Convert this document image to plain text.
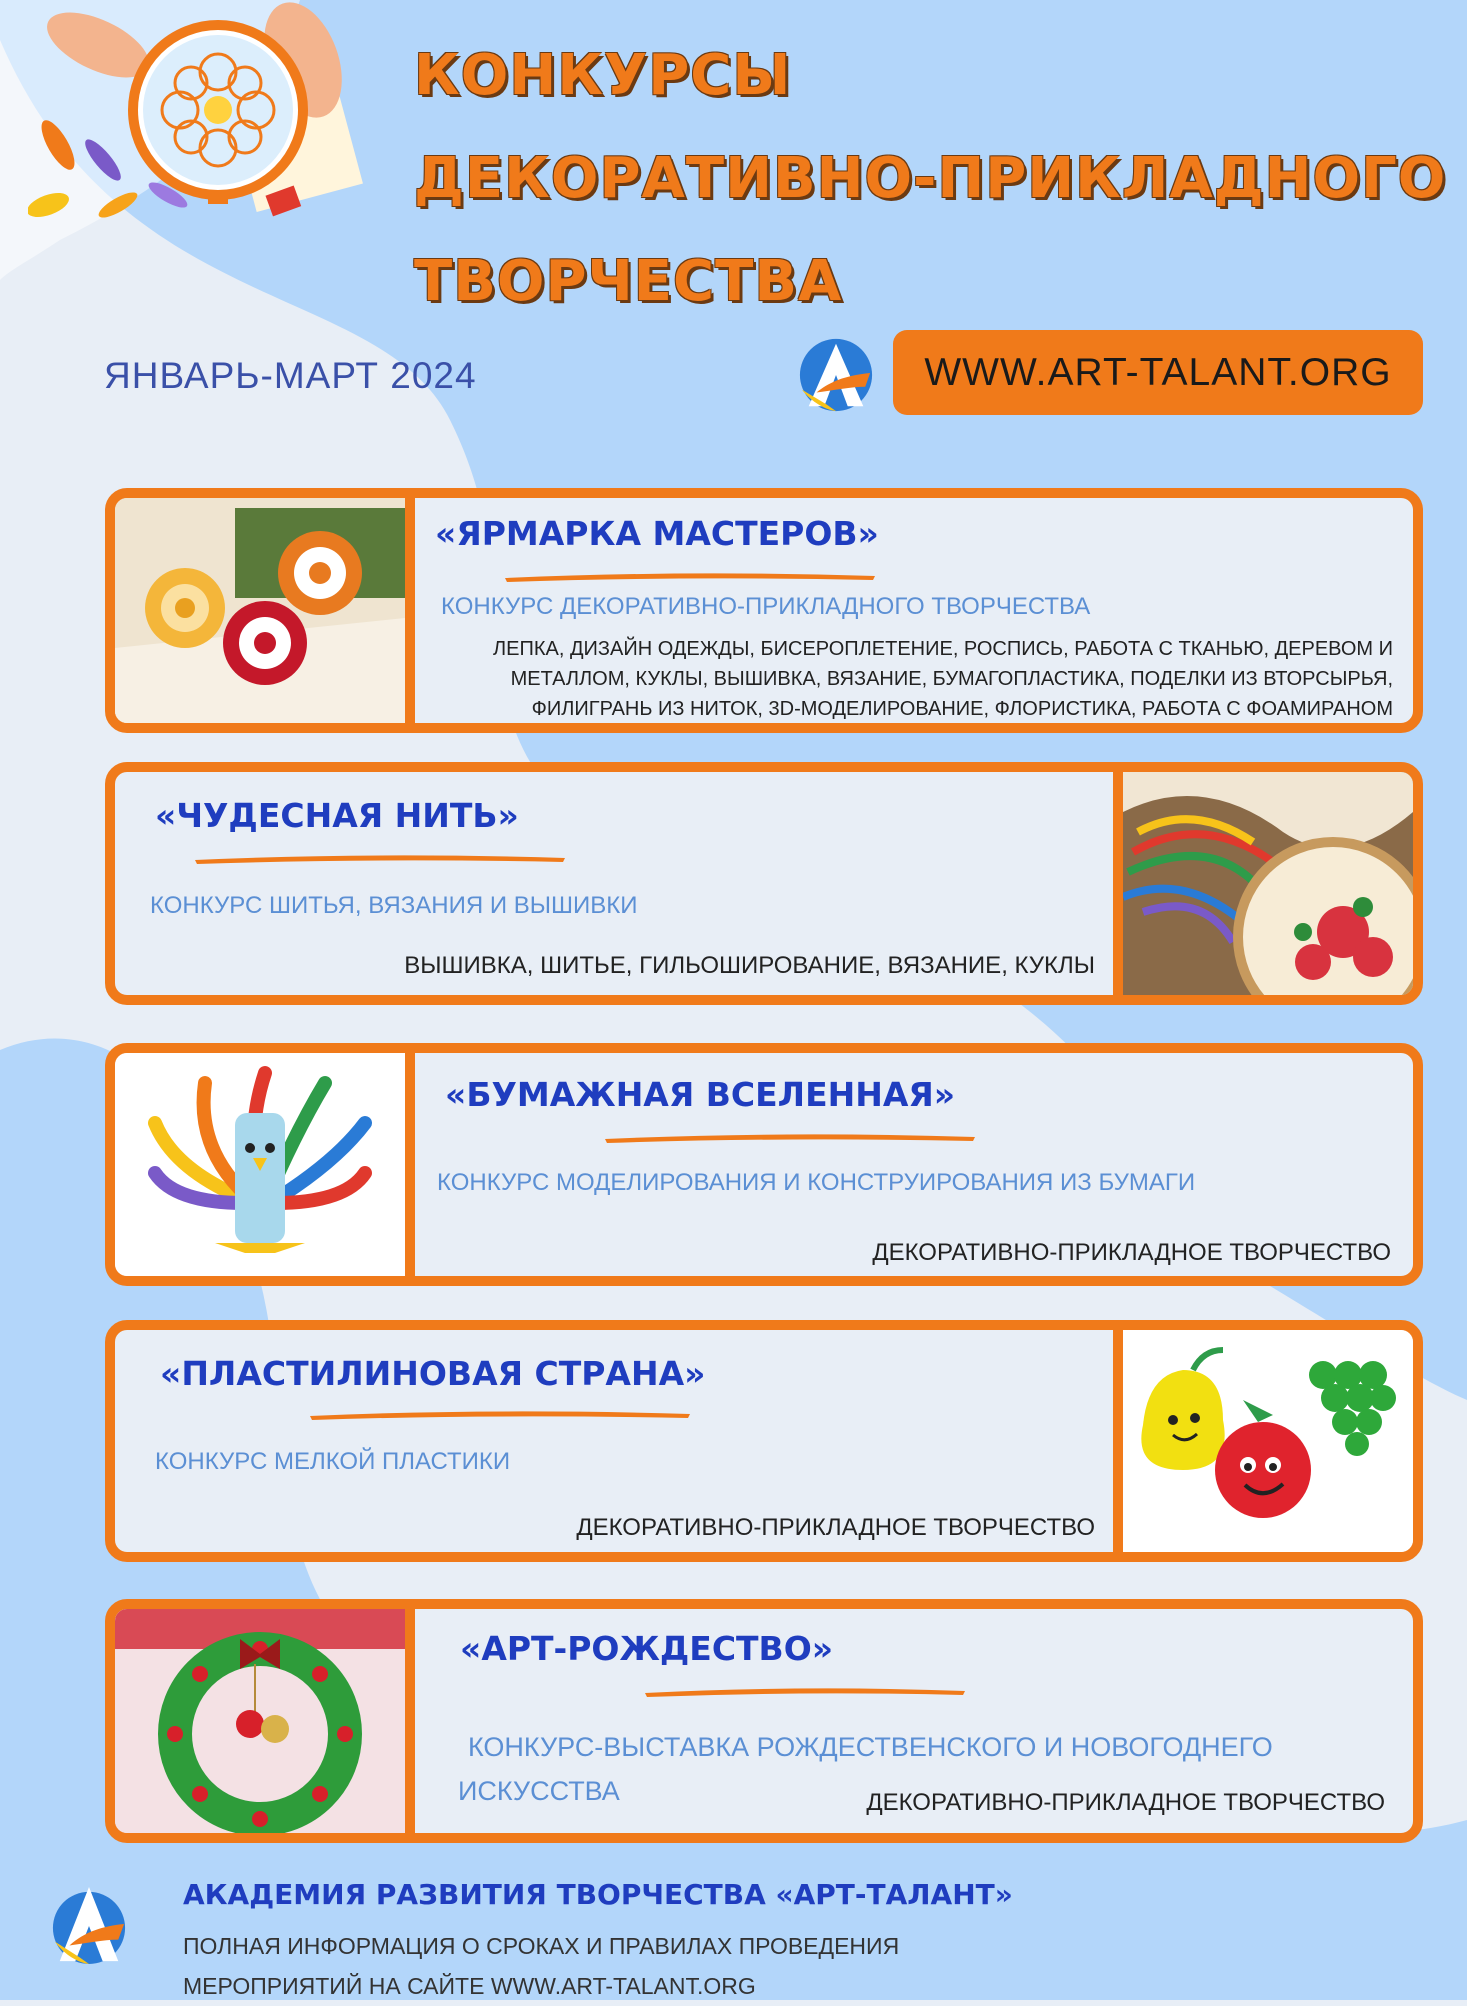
КОНКУРСЫ
ДЕКОРАТИВНО-ПРИКЛАДНОГО
ТВОРЧЕСТВА
ЯНВАРЬ-МАРТ 2024	WWW.ART-TALANT.ORG
«ЯРМАРКА МАСТЕРОВ»
КОНКУРС ДЕКОРАТИВНО-ПРИКЛАДНОГО ТВОРЧЕСТВА
ЛЕПКА, ДИЗАЙН ОДЕЖДЫ, БИСЕРОПЛЕТЕНИЕ, РОСПИСЬ, РАБОТА С ТКАНЬЮ, ДЕРЕВОМ И
МЕТАЛЛОМ, КУКЛЫ, ВЫШИВКА, ВЯЗАНИЕ, БУМАГОПЛАСТИКА, ПОДЕЛКИ ИЗ ВТОРСЫРЬЯ,
ФИЛИГРАНЬ ИЗ НИТОК, 3D-МОДЕЛИРОВАНИЕ, ФЛОРИСТИКА, РАБОТА С ФОАМИРАНОМ
«ЧУДЕСНАЯ НИТЬ»
КОНКУРС ШИТЬЯ, ВЯЗАНИЯ И ВЫШИВКИ
ВЫШИВКА, ШИТЬЕ, ГИЛЬОШИРОВАНИЕ, ВЯЗАНИЕ, КУКЛЫ
«БУМАЖНАЯ ВСЕЛЕННАЯ»
КОНКУРС МОДЕЛИРОВАНИЯ И КОНСТРУИРОВАНИЯ ИЗ БУМАГИ
ДЕКОРАТИВНО-ПРИКЛАДНОЕ ТВОРЧЕСТВО
«ПЛАСТИЛИНОВАЯ СТРАНА»
КОНКУРС МЕЛКОЙ ПЛАСТИКИ
ДЕКОРАТИВНО-ПРИКЛАДНОЕ ТВОРЧЕСТВО
«АРТ-РОЖДЕСТВО»
КОНКУРС-ВЫСТАВКА РОЖДЕСТВЕНСКОГО И НОВОГОДНЕГО
ИСКУССТВА	ДЕКОРАТИВНО-ПРИКЛАДНОЕ ТВОРЧЕСТВО
АКАДЕМИЯ РАЗВИТИЯ ТВОРЧЕСТВА «АРТ-ТАЛАНТ»
ПОЛНАЯ ИНФОРМАЦИЯ О СРОКАХ И ПРАВИЛАХ ПРОВЕДЕНИЯ
МЕРОПРИЯТИЙ НА САЙТЕ WWW.ART-TALANT.ORG
